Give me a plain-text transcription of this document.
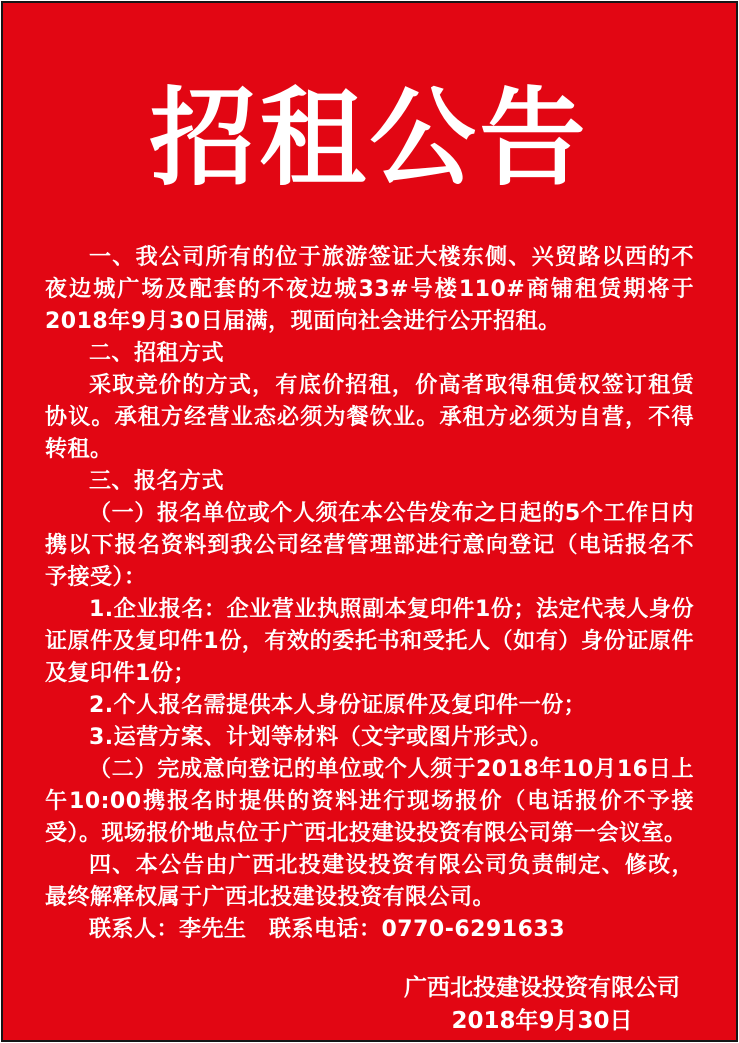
招租公告

一、我公司所有的位于旅游签证大楼东侧、兴贸路以西的不夜边城广场及配套的不夜边城33#号楼110#商铺租赁期将于2018年9月30日届满，现面向社会进行公开招租。

二、招租方式

采取竞价的方式，有底价招租，价高者取得租赁权签订租赁协议。承租方经营业态必须为餐饮业。承租方必须为自营，不得转租。

三、报名方式

（一）报名单位或个人须在本公告发布之日起的5个工作日内携以下报名资料到我公司经营管理部进行意向登记（电话报名不予接受）：

1.企业报名：企业营业执照副本复印件1份；法定代表人身份证原件及复印件1份，有效的委托书和受托人（如有）身份证原件及复印件1份；

2.个人报名需提供本人身份证原件及复印件一份；

3.运营方案、计划等材料（文字或图片形式）。

（二）完成意向登记的单位或个人须于2018年10月16日上午10:00携报名时提供的资料进行现场报价（电话报价不予接受）。现场报价地点位于广西北投建设投资有限公司第一会议室。

四、本公告由广西北投建设投资有限公司负责制定、修改，最终解释权属于广西北投建设投资有限公司。

联系人：李先生　联系电话：0770-6291633

广西北投建设投资有限公司
2018年9月30日
